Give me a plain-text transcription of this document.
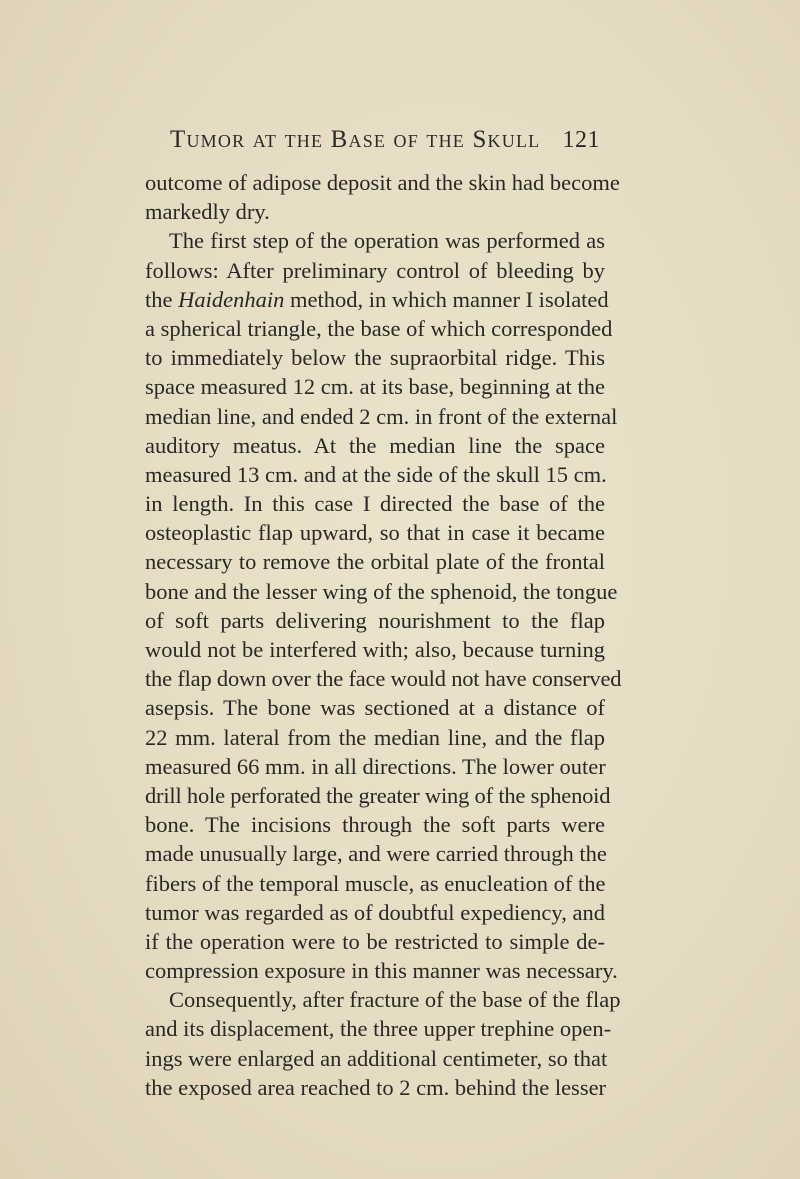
Tumor at the Base of the Skull 121
outcome of adipose deposit and the skin had become
markedly dry.
The first step of the operation was performed as
follows: After preliminary control of bleeding by
the Haidenhain method, in which manner I isolated
a spherical triangle, the base of which corresponded
to immediately below the supraorbital ridge. This
space measured 12 cm. at its base, beginning at the
median line, and ended 2 cm. in front of the external
auditory meatus. At the median line the space
measured 13 cm. and at the side of the skull 15 cm.
in length. In this case I directed the base of the
osteoplastic flap upward, so that in case it became
necessary to remove the orbital plate of the frontal
bone and the lesser wing of the sphenoid, the tongue
of soft parts delivering nourishment to the flap
would not be interfered with; also, because turning
the flap down over the face would not have conserved
asepsis. The bone was sectioned at a distance of
22 mm. lateral from the median line, and the flap
measured 66 mm. in all directions. The lower outer
drill hole perforated the greater wing of the sphenoid
bone. The incisions through the soft parts were
made unusually large, and were carried through the
fibers of the temporal muscle, as enucleation of the
tumor was regarded as of doubtful expediency, and
if the operation were to be restricted to simple de-
compression exposure in this manner was necessary.
Consequently, after fracture of the base of the flap
and its displacement, the three upper trephine open-
ings were enlarged an additional centimeter, so that
the exposed area reached to 2 cm. behind the lesser
